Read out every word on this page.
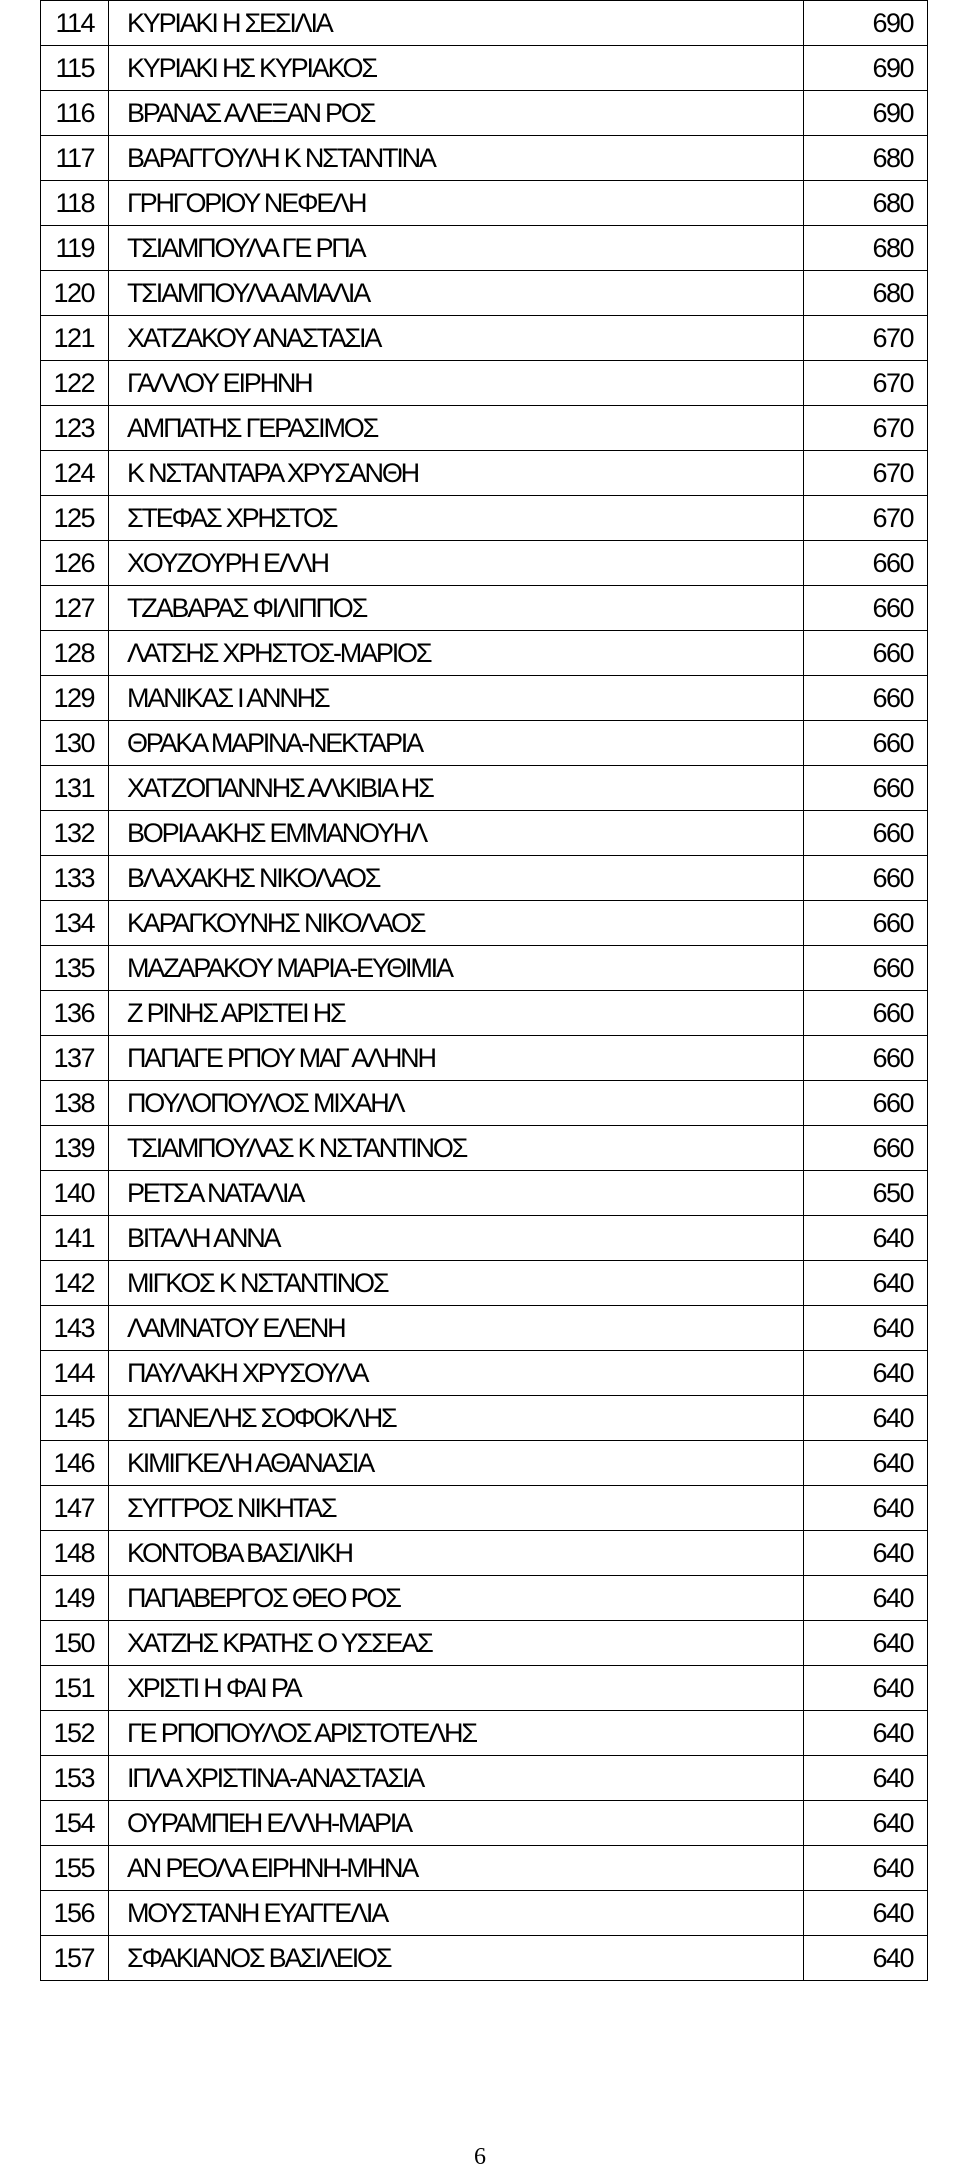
114	ΚΥΡΙΑΚΙ Η ΣΕΣΙΛΙΑ	690
115	ΚΥΡΙΑΚΙ ΗΣ ΚΥΡΙΑΚΟΣ	690
116	ΒΡΑΝΑΣ ΑΛΕΞΑΝ ΡΟΣ	690
117	ΒΑΡΑΓΓΟΥΛΗ Κ ΝΣΤΑΝΤΙΝΑ	680
118	ΓΡΗΓΟΡΙΟΥ ΝΕΦΕΛΗ	680
119	ΤΣΙΑΜΠΟΥΛΑ ΓΕ ΡΠΑ	680
120	ΤΣΙΑΜΠΟΥΛΑ ΑΜΑΛΙΑ	680
121	ΧΑΤΖΑΚΟΥ ΑΝΑΣΤΑΣΙΑ	670
122	ΓΑΛΛΟΥ ΕΙΡΗΝΗ	670
123	ΑΜΠΑΤΗΣ ΓΕΡΑΣΙΜΟΣ	670
124	Κ ΝΣΤΑΝΤΑΡΑ ΧΡΥΣΑΝΘΗ	670
125	ΣΤΕΦΑΣ ΧΡΗΣΤΟΣ	670
126	ΧΟΥΖΟΥΡΗ ΕΛΛΗ	660
127	ΤΖΑΒΑΡΑΣ ΦΙΛΙΠΠΟΣ	660
128	ΛΑΤΣΗΣ ΧΡΗΣΤΟΣ-ΜΑΡΙΟΣ	660
129	ΜΑΝΙΚΑΣ Ι ΑΝΝΗΣ	660
130	ΘΡΑΚΑ ΜΑΡΙΝΑ-ΝΕΚΤΑΡΙΑ	660
131	ΧΑΤΖΟΠΑΝΝΗΣ ΑΛΚΙΒΙΑ ΗΣ	660
132	ΒΟΡΙΑ ΑΚΗΣ ΕΜΜΑΝΟΥΗΛ	660
133	ΒΛΑΧΑΚΗΣ ΝΙΚΟΛΑΟΣ	660
134	ΚΑΡΑΓΚΟΥΝΗΣ ΝΙΚΟΛΑΟΣ	660
135	ΜΑΖΑΡΑΚΟΥ ΜΑΡΙΑ-ΕΥΘΙΜΙΑ	660
136	Ζ ΡΙΝΗΣ ΑΡΙΣΤΕΙ ΗΣ	660
137	ΠΑΠΑΓΕ ΡΠΟΥ ΜΑΓ ΑΛΗΝΗ	660
138	ΠΟΥΛΟΠΟΥΛΟΣ ΜΙΧΑΗΛ	660
139	ΤΣΙΑΜΠΟΥΛΑΣ Κ ΝΣΤΑΝΤΙΝΟΣ	660
140	ΡΕΤΣΑ ΝΑΤΑΛΙΑ	650
141	ΒΙΤΑΛΗ ΑΝΝΑ	640
142	ΜΙΓΚΟΣ Κ ΝΣΤΑΝΤΙΝΟΣ	640
143	ΛΑΜΝΑΤΟΥ ΕΛΕΝΗ	640
144	ΠΑΥΛΑΚΗ ΧΡΥΣΟΥΛΑ	640
145	ΣΠΑΝΕΛΗΣ ΣΟΦΟΚΛΗΣ	640
146	ΚΙΜΙΓΚΕΛΗ ΑΘΑΝΑΣΙΑ	640
147	ΣΥΓΓΡΟΣ ΝΙΚΗΤΑΣ	640
148	ΚΟΝΤΟΒΑ ΒΑΣΙΛΙΚΗ	640
149	ΠΑΠΑΒΕΡΓΟΣ ΘΕΟ ΡΟΣ	640
150	ΧΑΤΖΗΣ ΚΡΑΤΗΣ Ο ΥΣΣΕΑΣ	640
151	ΧΡΙΣΤΙ Η ΦΑΙ ΡΑ	640
152	ΓΕ ΡΠΟΠΟΥΛΟΣ ΑΡΙΣΤΟΤΕΛΗΣ	640
153	ΙΠΛΑ ΧΡΙΣΤΙΝΑ-ΑΝΑΣΤΑΣΙΑ	640
154	ΟΥΡΑΜΠΕΗ ΕΛΛΗ-ΜΑΡΙΑ	640
155	ΑΝ ΡΕΟΛΑ ΕΙΡΗΝΗ-ΜΗΝΑ	640
156	ΜΟΥΣΤΑΝΗ ΕΥΑΓΓΕΛΙΑ	640
157	ΣΦΑΚΙΑΝΟΣ ΒΑΣΙΛΕΙΟΣ	640
6
